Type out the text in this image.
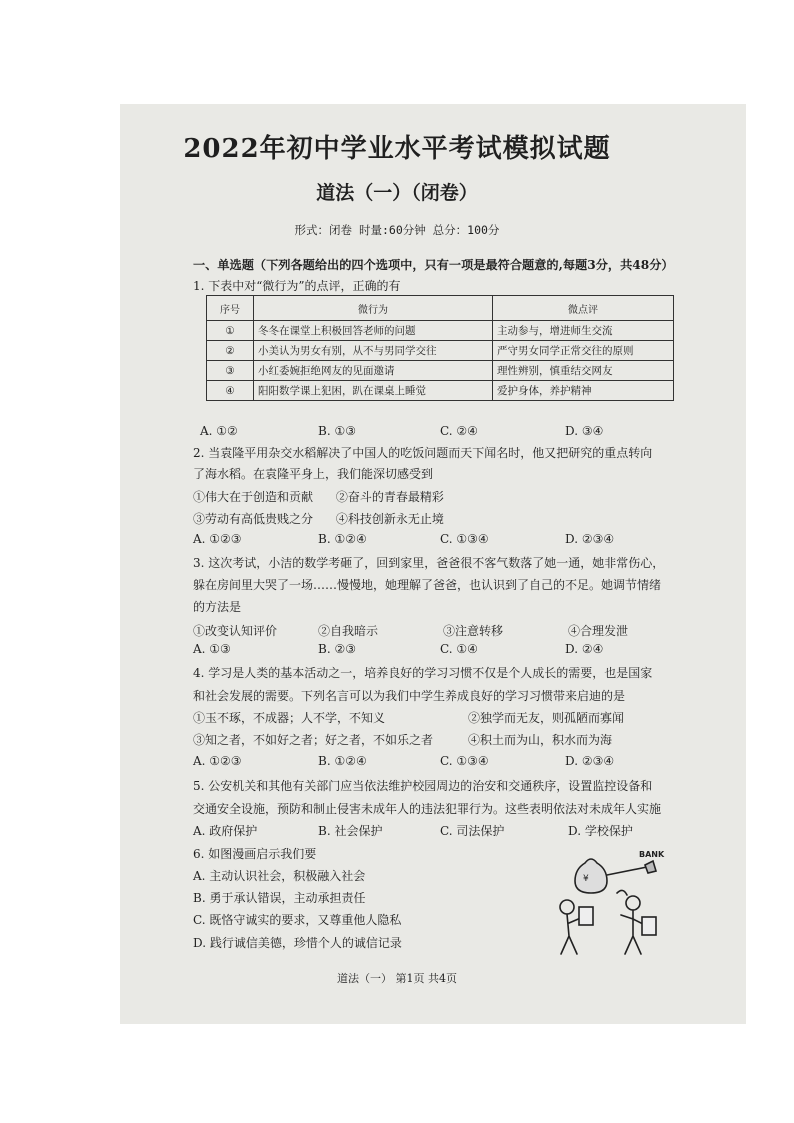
2022年初中学业水平考试模拟试题
道法（一）（闭卷）
形式：闭卷 时量:60分钟 总分：100分
一、单选题（下列各题给出的四个选项中，只有一项是最符合题意的,每题3分，共48分）
1. 下表中对“微行为”的点评，正确的有
序号	微行为	微点评
①	冬冬在课堂上积极回答老师的问题	主动参与，增进师生交流
②	小美认为男女有别，从不与男同学交往	严守男女同学正常交往的原则
③	小红委婉拒绝网友的见面邀请	理性辨别，慎重结交网友
④	阳阳数学课上犯困，趴在课桌上睡觉	爱护身体，养护精神
A. ①②	B. ①③	C. ②④	D. ③④
2. 当袁隆平用杂交水稻解决了中国人的吃饭问题而天下闻名时，他又把研究的重点转向
了海水稻。在袁隆平身上，我们能深切感受到
①伟大在于创造和贡献      ②奋斗的青春最精彩
③劳动有高低贵贱之分      ④科技创新永无止境
A. ①②③	B. ①②④	C. ①③④	D. ②③④
3. 这次考试，小洁的数学考砸了，回到家里，爸爸很不客气数落了她一通，她非常伤心，
躲在房间里大哭了一场……慢慢地，她理解了爸爸，也认识到了自己的不足。她调节情绪
的方法是
①改变认知评价	②自我暗示	③注意转移	④合理发泄
A. ①③	B. ②③	C. ①④	D. ②④
4. 学习是人类的基本活动之一，培养良好的学习习惯不仅是个人成长的需要，也是国家
和社会发展的需要。下列名言可以为我们中学生养成良好的学习习惯带来启迪的是
①玉不琢，不成器；人不学，不知义	②独学而无友，则孤陋而寡闻
③知之者，不如好之者；好之者，不如乐之者	④积土而为山，积水而为海
A. ①②③	B. ①②④	C. ①③④	D. ②③④
5. 公安机关和其他有关部门应当依法维护校园周边的治安和交通秩序，设置监控设备和
交通安全设施，预防和制止侵害未成年人的违法犯罪行为。这些表明依法对未成年人实施
A. 政府保护	B. 社会保护	C. 司法保护	D. 学校保护
6. 如图漫画启示我们要
A. 主动认识社会，积极融入社会
B. 勇于承认错误，主动承担责任
C. 既恪守诚实的要求，又尊重他人隐私
D. 践行诚信美德，珍惜个人的诚信记录
¥
BANK
道法（一） 第1页 共4页
